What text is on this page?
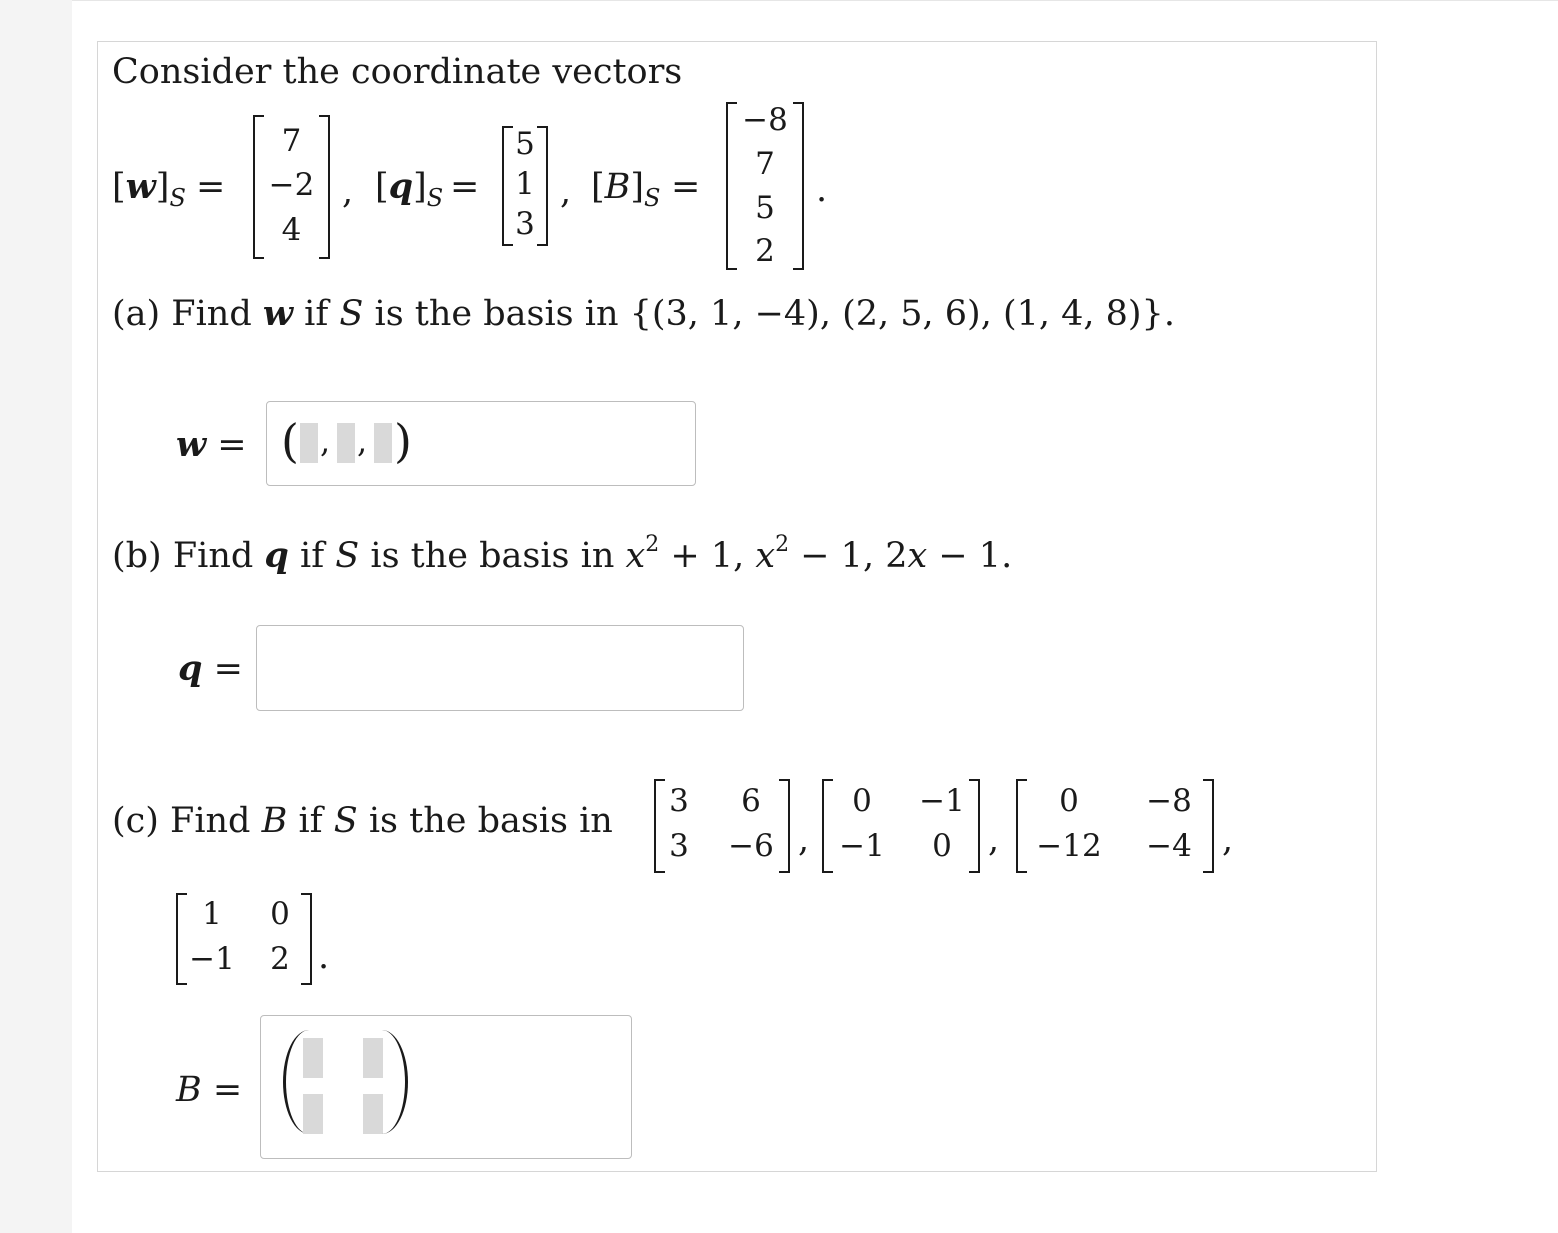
Consider the coordinate vectors
$[w]_S$ =
7
−2
4
, $[q]_S$ =
5
1
3
, $[B]_S$ =
−8
7
5
2
.
(a) Find w if S is the basis in {(3, 1, −4), (2, 5, 6), (1, 4, 8)}.
w = ( , , )
(b) Find q if S is the basis in $x^2 + 1$, $x^2 - 1$, 2x − 1.
q =
(c) Find B if S is the basis in 3	6
3 −6 ,
0	−1
−1	0	,
0	−8
−12 −4 ,
1	0
−1 2 .
B =
